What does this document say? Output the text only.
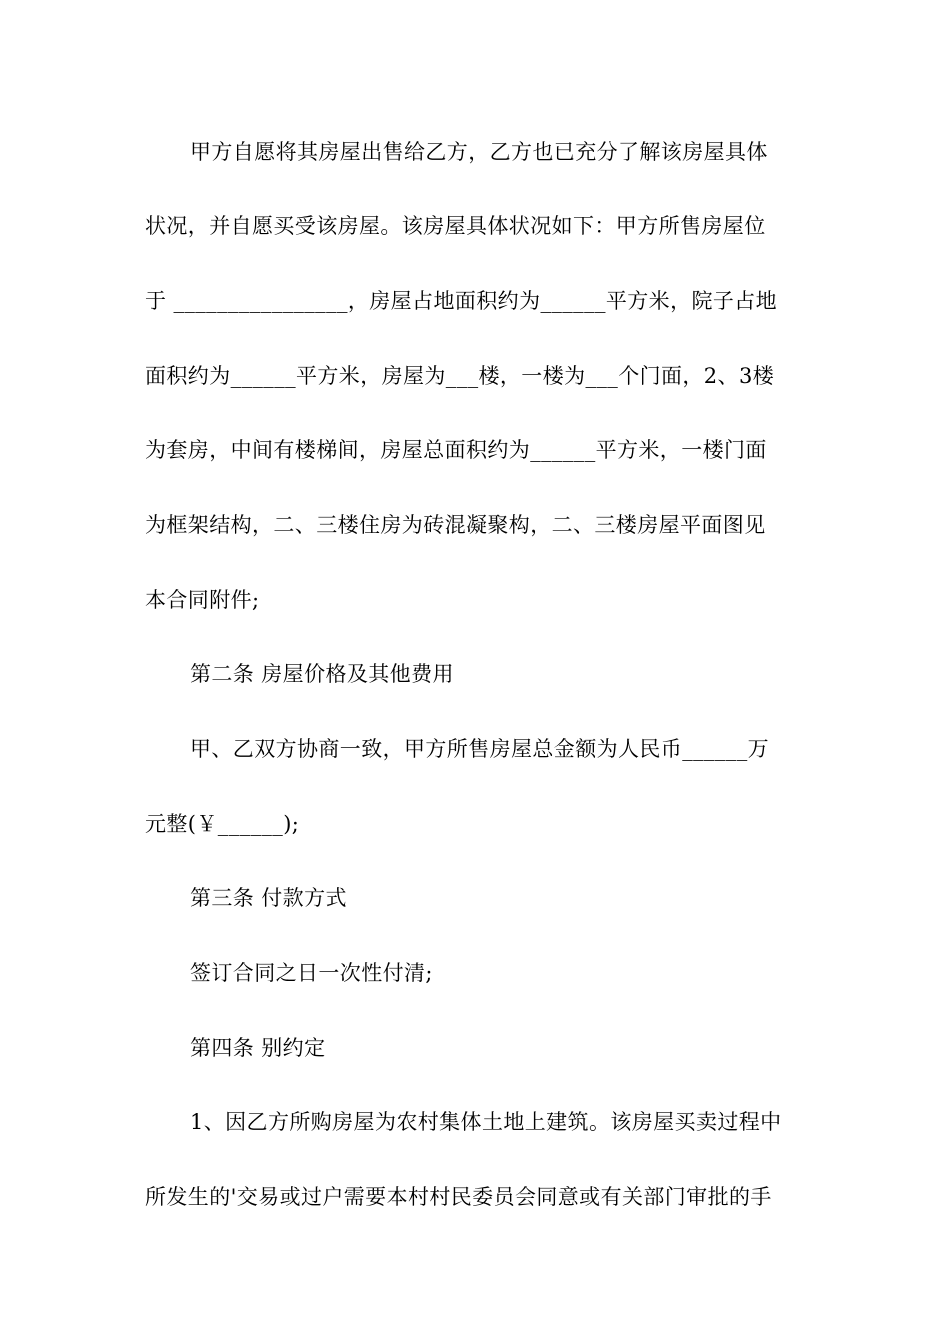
甲方自愿将其房屋出售给乙方，乙方也已充分了解该房屋具体
状况，并自愿买受该房屋。该房屋具体状况如下：甲方所售房屋位
于 ________________，房屋占地面积约为______平方米，院子占地
面积约为______平方米，房屋为___楼，一楼为___个门面，2、3楼
为套房，中间有楼梯间，房屋总面积约为______平方米，一楼门面
为框架结构，二、三楼住房为砖混凝聚构，二、三楼房屋平面图见
本合同附件;
第二条 房屋价格及其他费用
甲、乙双方协商一致，甲方所售房屋总金额为人民币______万
元整(￥______);
第三条 付款方式
签订合同之日一次性付清;
第四条 别约定
1、因乙方所购房屋为农村集体土地上建筑。该房屋买卖过程中
所发生的'交易或过户需要本村村民委员会同意或有关部门审批的手
